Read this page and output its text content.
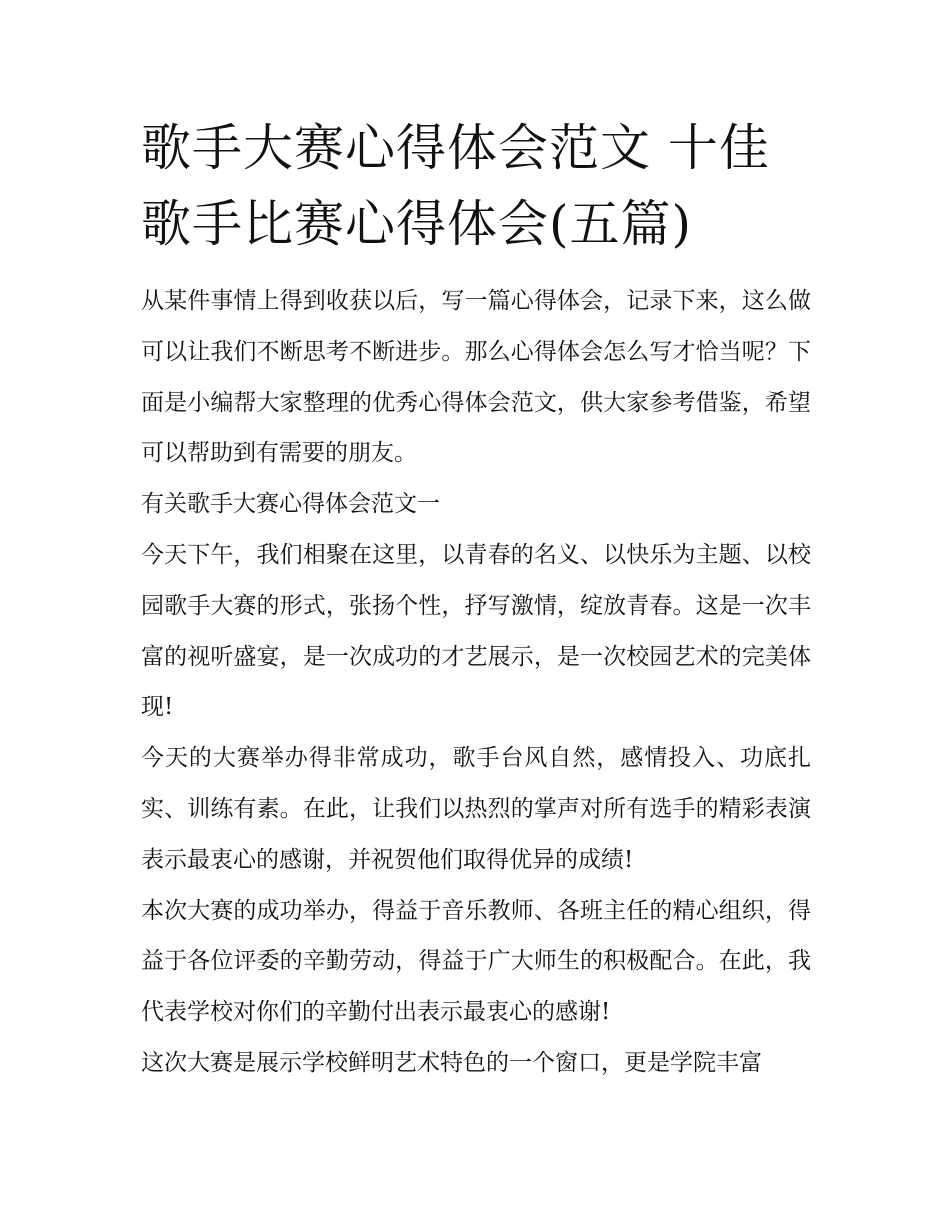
歌手大赛心得体会范文 十佳歌手比赛心得体会(五篇)

从某件事情上得到收获以后，写一篇心得体会，记录下来，这么做可以让我们不断思考不断进步。那么心得体会怎么写才恰当呢？下面是小编帮大家整理的优秀心得体会范文，供大家参考借鉴，希望可以帮助到有需要的朋友。

有关歌手大赛心得体会范文一

今天下午，我们相聚在这里，以青春的名义、以快乐为主题、以校园歌手大赛的形式，张扬个性，抒写激情，绽放青春。这是一次丰富的视听盛宴，是一次成功的才艺展示，是一次校园艺术的完美体现!

今天的大赛举办得非常成功，歌手台风自然，感情投入、功底扎实、训练有素。在此，让我们以热烈的掌声对所有选手的精彩表演表示最衷心的感谢，并祝贺他们取得优异的成绩!

本次大赛的成功举办，得益于音乐教师、各班主任的精心组织，得益于各位评委的辛勤劳动，得益于广大师生的积极配合。在此，我代表学校对你们的辛勤付出表示最衷心的感谢!

这次大赛是展示学校鲜明艺术特色的一个窗口，更是学院丰富
